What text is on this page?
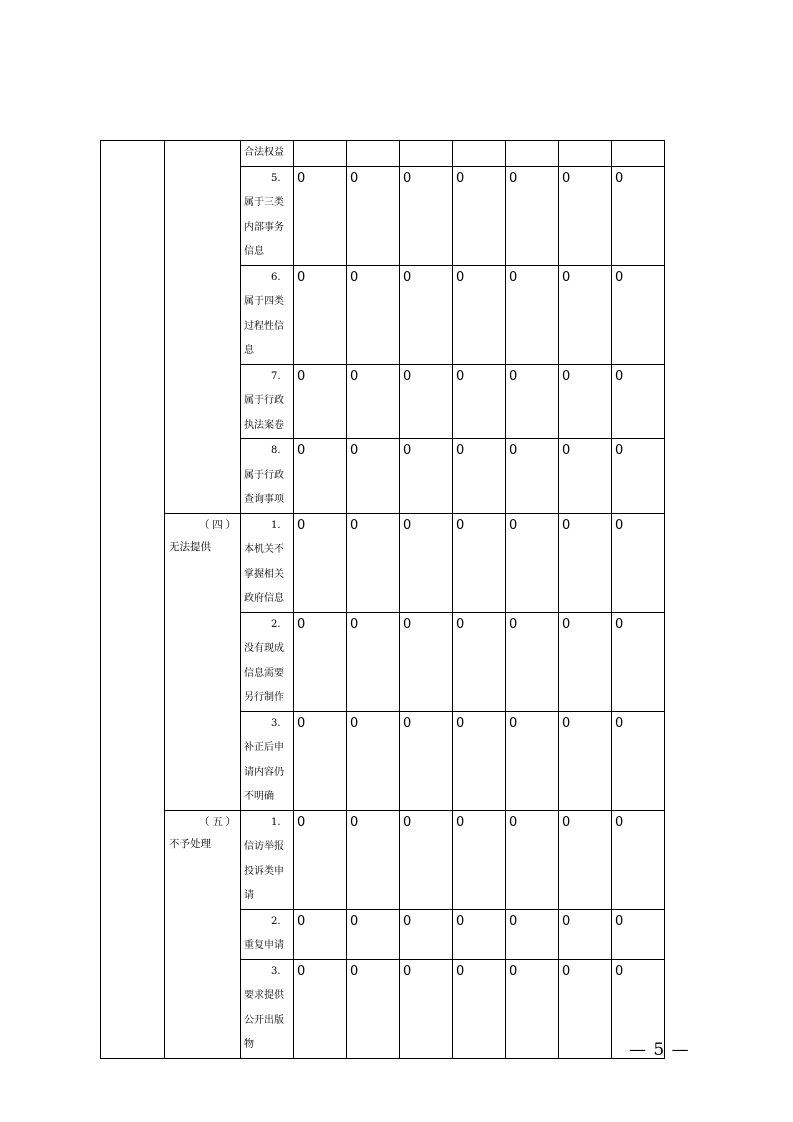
		合法权益							

		5.属于三类内部事务信息	0	0	0	0	0	0	0

		6.属于四类过程性信息	0	0	0	0	0	0	0

		7.属于行政执法案卷	0	0	0	0	0	0	0

		8.属于行政查询事项	0	0	0	0	0	0	0

	（四）无法提供	1.本机关不掌握相关政府信息	0	0	0	0	0	0	0

		2.没有现成信息需要另行制作	0	0	0	0	0	0	0

		3.补正后申请内容仍不明确	0	0	0	0	0	0	0

	（五）不予处理	1.信访举报投诉类申请	0	0	0	0	0	0	0

		2.重复申请	0	0	0	0	0	0	0

		3.要求提供公开出版物	0	0	0	0	0	0	0
— 5 —
